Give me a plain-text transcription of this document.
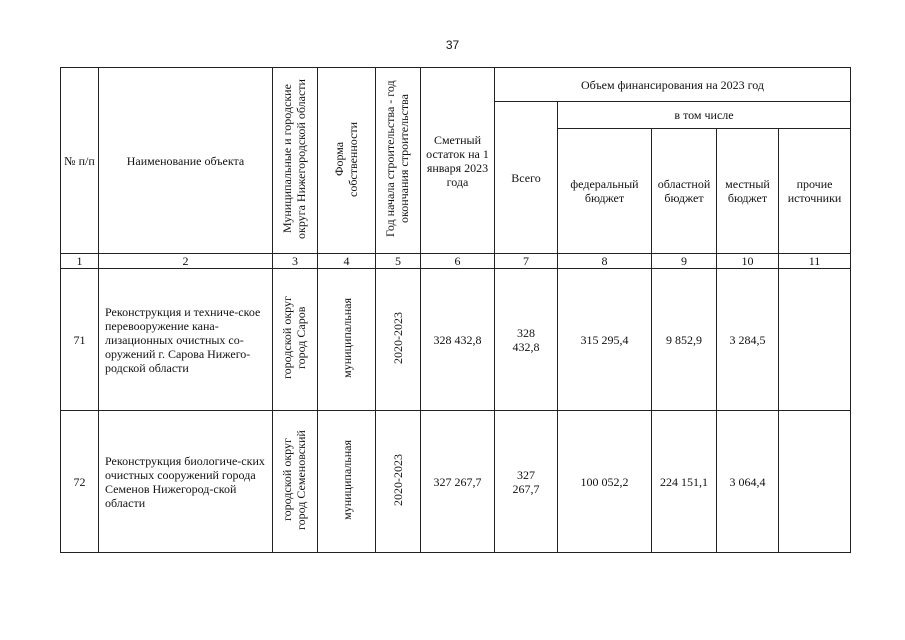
37
№ п/п	Наименование объекта	Муниципальные и городские округа Нижегородской области	Форма собственности	Год начала строительства - год окончания строительства	Сметный остаток на 1 января 2023 года	Объем финансирования на 2023 год				
						Всего	в том числе			
							федеральный бюджет	областной бюджет	местный бюджет	прочие источники
1	2	3	4	5	6	7	8	9	10	11
71	Реконструкция и техниче-ское перевооружение кана-лизационных очистных со-оружений г. Сарова Нижего-родской области	городской округ город Саров	муниципальная	2020-2023	328 432,8	328 432,8	315 295,4	9 852,9	3 284,5	
72	Реконструкция биологиче-ских очистных сооружений города Семенов Нижегород-ской области	городской округ город Семеновский	муниципальная	2020-2023	327 267,7	327 267,7	100 052,2	224 151,1	3 064,4	
